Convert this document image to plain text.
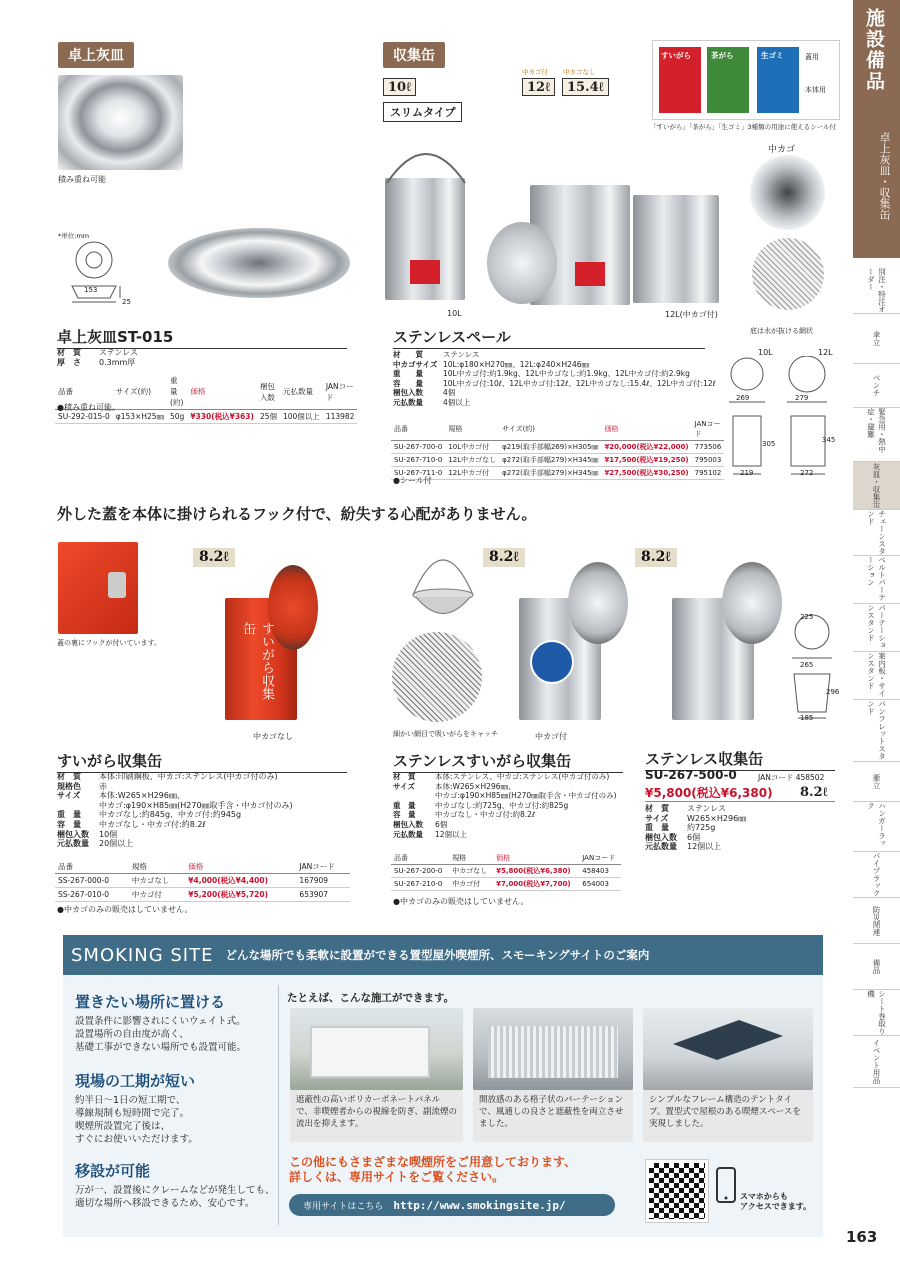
卓上灰皿
積み重ね可能
*単位:mm
153
25
卓上灰皿ST-015
材　質	ステンレス
厚　さ	0.3mm厚
品番	サイズ(約)	重量(約)	価格	梱包入数	元払数量	JANコード
SU-292-015-0	φ153×H25㎜	50g	¥330(税込¥363)	25個	100個以上	113982
●積み重ね可能。
収集缶
10ℓ
中カゴ付 中カゴなし
12ℓ	15.4ℓ
スリムタイプ
すいがら	茶がら	生ゴミ	蓋用
本体用
「すいがら」「茶がら」「生ゴミ」3種類の用途に使えるシール付
10L	12L(中カゴ付)
中カゴ
底は水が抜ける網状
ステンレスペール
材　　質	ステンレス
中カゴサイズ 10L:φ180×H270㎜、12L:φ240×H246㎜
重　　量	10L中カゴ付:約1.9kg、12L中カゴなし:約1.9kg、12L中カゴ付:約2.9kg
容　　量	10L中カゴ付:10ℓ、12L中カゴ付:12ℓ、12L中カゴなし:15.4ℓ、12L中カゴ付:12ℓ
梱包入数	4個
元払数量	4個以上
品番	規格	サイズ(約)	価格	JANコード
SU-267-700-0	10L中カゴ付	φ219(取手部幅269)×H305㎜	¥20,000(税込¥22,000)	773506
SU-267-710-0	12L中カゴなし	φ272(取手部幅279)×H345㎜	¥17,500(税込¥19,250)	795003
SU-267-711-0	12L中カゴ付	φ272(取手部幅279)×H345㎜	¥27,500(税込¥30,250)	795102
●シール付
10L	12L
269	279
305	345
219	272
外した蓋を本体に掛けられるフック付で、紛失する心配がありません。
蓋の裏にフックが付いています。
8.2ℓ
すいがら収集缶
中カゴなし
すいがら収集缶
材　質	本体:印刷鋼板、中カゴ:ステンレス(中カゴ付のみ)
規格色	赤
サイズ	本体:W265×H296㎜、
中カゴ:φ190×H85㎜(H270㎜取手含・中カゴ付のみ)
重　量	中カゴなし:約845g、中カゴ付:約945g
容　量	中カゴなし・中カゴ付:約8.2ℓ
梱包入数	10個
元払数量	20個以上
品番	規格	価格	JANコード
SS-267-000-0	中カゴなし	¥4,000(税込¥4,400)	167909
SS-267-010-0	中カゴ付	¥5,200(税込¥5,720)	653907
●中カゴのみの販売はしていません。
8.2ℓ
細かい網目で吸いがらをキャッチ	中カゴ付
ステンレスすいがら収集缶
材　質	本体:ステンレス、中カゴ:ステンレス(中カゴ付のみ)
サイズ	本体:W265×H296㎜、
中カゴ:φ190×H85㎜(H270㎜取手含・中カゴ付のみ)
重　量	中カゴなし:約725g、中カゴ付:約825g
容　量	中カゴなし・中カゴ付:約8.2ℓ
梱包入数	6個
元払数量	12個以上
品番	規格	価格	JANコード
SU-267-200-0	中カゴなし	¥5,800(税込¥6,380)	458403
SU-267-210-0	中カゴ付	¥7,000(税込¥7,700)	654003
●中カゴのみの販売はしていません。
8.2ℓ
225
265
296
185
ステンレス収集缶
SU-267-500-0	JANコード 458502
¥5,800(税込¥6,380)	8.2ℓ
材　質	ステンレス
サイズ	W265×H296㎜
重　量	約725g
梱包入数	6個
元払数量	12個以上
SMOKING SITE どんな場所でも柔軟に設置ができる置型屋外喫煙所、スモーキングサイトのご案内
置きたい場所に置ける
設置条件に影響されにくいウェイト式。
設置場所の自由度が高く、
基礎工事ができない場所でも設置可能。
現場の工期が短い
約半日〜1日の短工期で、
導線規制も短時間で完了。
喫煙所設置完了後は、
すぐにお使いいただけます。
移設が可能
万が一、設置後にクレームなどが発生しても、
適切な場所へ移設できるため、安心です。
たとえば、こんな施工ができます。
遮蔽性の高いポリカーボネートパネルで、非喫煙者からの視線を防ぎ、副流煙の流出を抑えます。
開放感のある格子状のパーテーションで、風通しの良さと遮蔽性を両立させました。
シンプルなフレーム構造のテントタイプ。置型式で屋根のある喫煙スペースを実現しました。
この他にもさまざまな喫煙所をご用意しております、
詳しくは、専用サイトをご覧ください。
専用サイトはこちら http://www.smokingsite.jp/
スマホからも
アクセスできます。
施設備品
卓上灰皿・収集缶
別注・特注オーダー
傘立
ベンチ
緊急用・熱中症・避難
灰皿・収集缶
チェーンスタンド
ベルトパーテーション
パーテーションスタンド
案内板・サインスタンド
パンフレットスタンド
衝立
ハンガーラック
パイプラック
防災関連
備品
シート巻取り機
イベント用品
163
